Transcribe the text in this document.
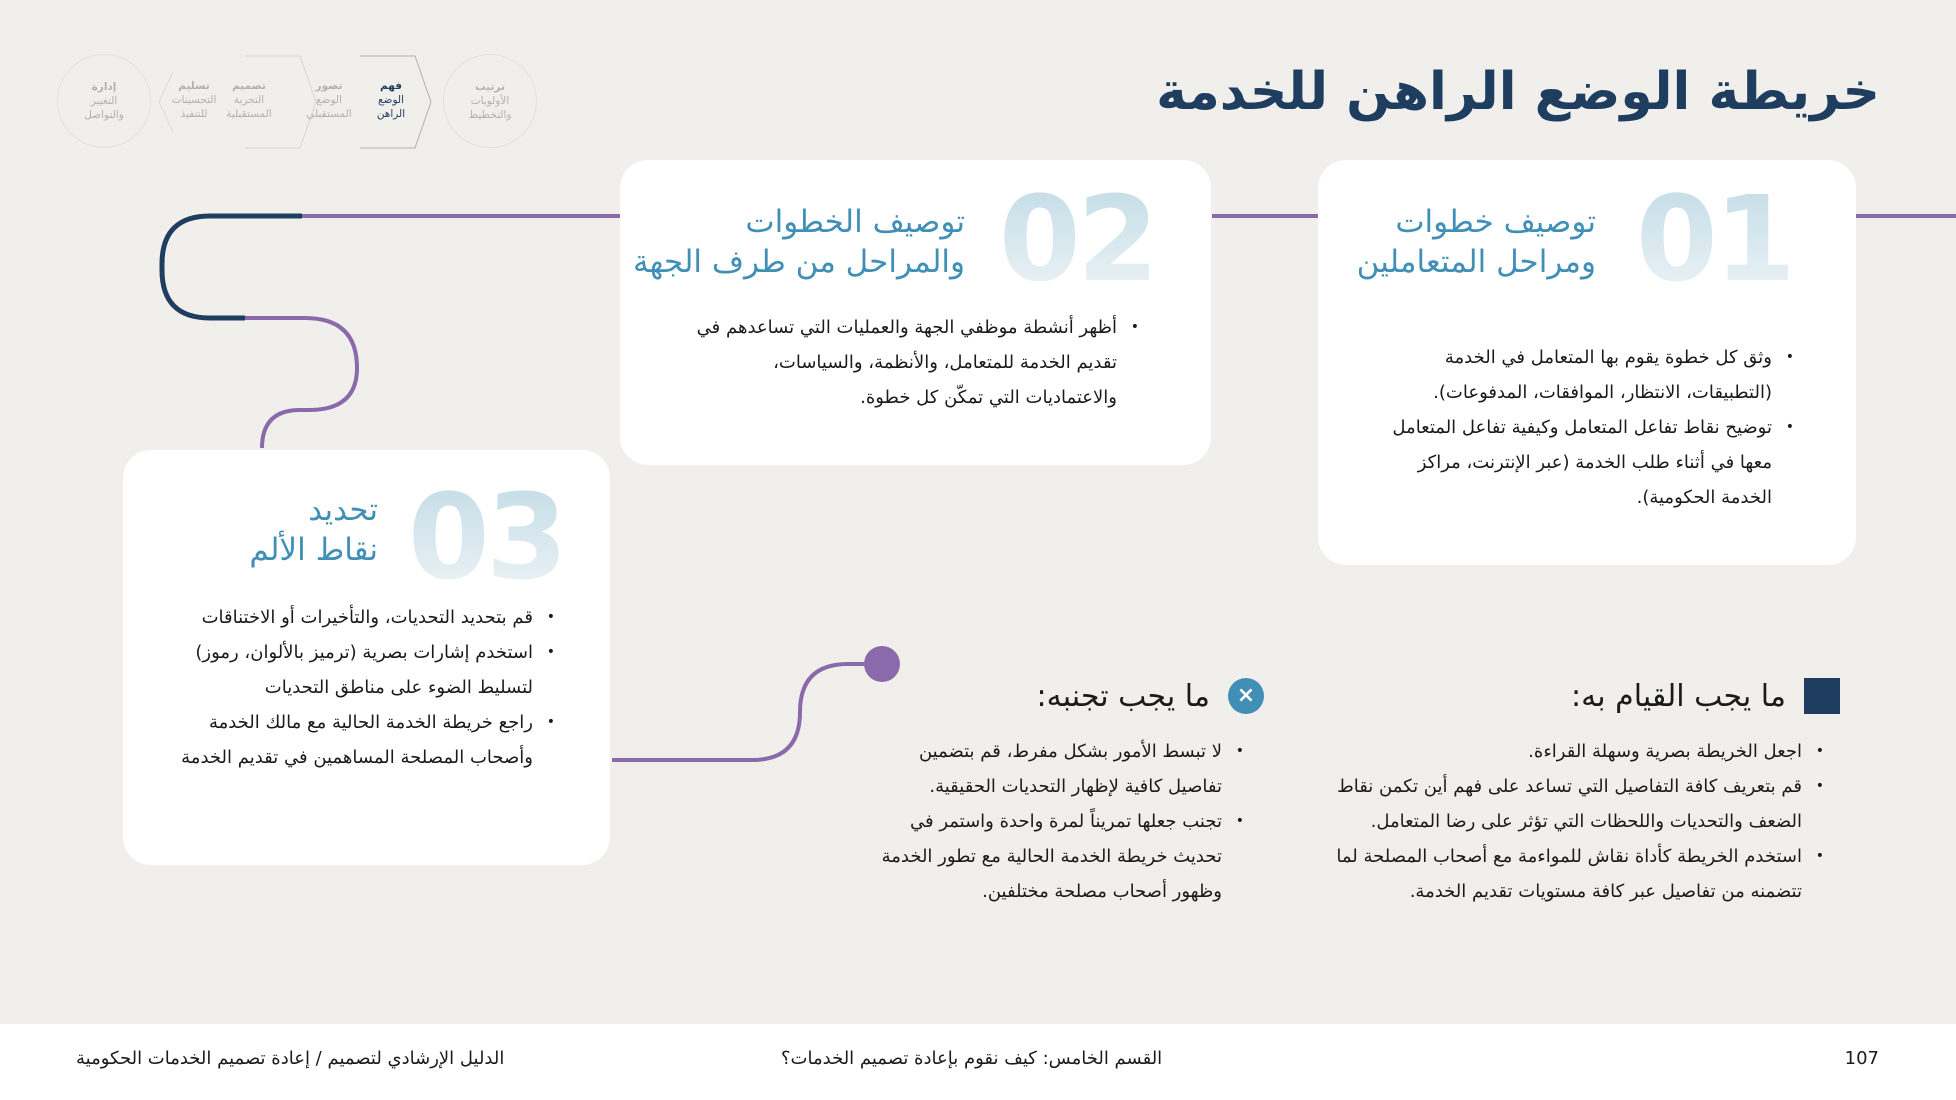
خريطة الوضع الراهن للخدمة
ترتيب
الأولويات
والتخطيط
فهم
الوضع
الراهن
تصور
الوضع
المستقبلي
تصميم
التجربة
المستقبلية
تسليم
التحسينات
للتنفيذ
إدارة
التغيير
والتواصل
01
توصيف خطوات
ومراحل المتعاملين
• وثق كل خطوة يقوم بها المتعامل في الخدمة (التطبيقات، الانتظار، الموافقات، المدفوعات).
• توضيح نقاط تفاعل المتعامل وكيفية تفاعل المتعامل معها في أثناء طلب الخدمة (عبر الإنترنت، مراكز الخدمة الحكومية).
02
توصيف الخطوات
والمراحل من طرف الجهة
• أظهر أنشطة موظفي الجهة والعمليات التي تساعدهم في تقديم الخدمة للمتعامل، والأنظمة، والسياسات، والاعتماديات التي تمكّن كل خطوة.
03
تحديد
نقاط الألم
• قم بتحديد التحديات، والتأخيرات أو الاختناقات
• استخدم إشارات بصرية (ترميز بالألوان، رموز) لتسليط الضوء على مناطق التحديات
• راجع خريطة الخدمة الحالية مع مالك الخدمة وأصحاب المصلحة المساهمين في تقديم الخدمة
ما يجب القيام به:
• اجعل الخريطة بصرية وسهلة القراءة.
• قم بتعريف كافة التفاصيل التي تساعد على فهم أين تكمن نقاط الضعف والتحديات واللحظات التي تؤثر على رضا المتعامل.
• استخدم الخريطة كأداة نقاش للمواءمة مع أصحاب المصلحة لما تتضمنه من تفاصيل عبر كافة مستويات تقديم الخدمة.
×
ما يجب تجنبه:
• لا تبسط الأمور بشكل مفرط، قم بتضمين تفاصيل كافية لإظهار التحديات الحقيقية.
• تجنب جعلها تمريناً لمرة واحدة واستمر في تحديث خريطة الخدمة الحالية مع تطور الخدمة وظهور أصحاب مصلحة مختلفين.
107
القسم الخامس: كيف نقوم بإعادة تصميم الخدمات؟
الدليل الإرشادي لتصميم / إعادة تصميم الخدمات الحكومية
